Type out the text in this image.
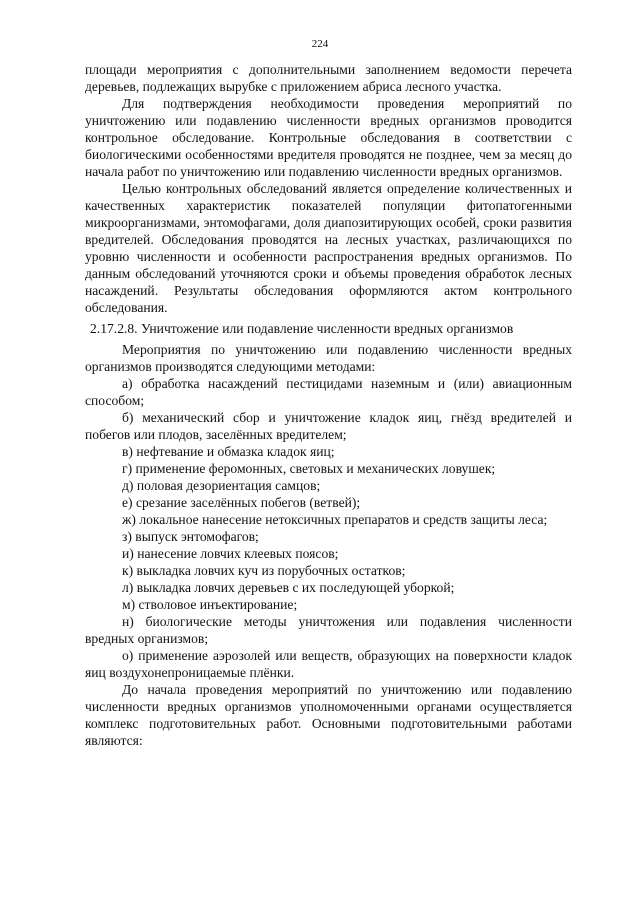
224

площади мероприятия с дополнительными заполнением ведомости перечета деревьев, подлежащих вырубке с приложением абриса лесного участка.

Для подтверждения необходимости проведения мероприятий по уничтожению или подавлению численности вредных организмов проводится контрольное обследование. Контрольные обследования в соответствии с биологическими особенностями вредителя проводятся не позднее, чем за месяц до начала работ по уничтожению или подавлению численности вредных организмов.

Целью контрольных обследований является определение количественных и качественных характеристик показателей популяции фитопатогенными микроорганизмами, энтомофагами, доля диапозитирующих особей, сроки развития вредителей. Обследования проводятся на лесных участках, различающихся по уровню численности и особенности распространения вредных организмов. По данным обследований уточняются сроки и объемы проведения обработок лесных насаждений. Результаты обследования оформляются актом контрольного обследования.

2.17.2.8. Уничтожение или подавление численности вредных организмов

Мероприятия по уничтожению или подавлению численности вредных организмов производятся следующими методами:

а) обработка насаждений пестицидами наземным и (или) авиационным способом;

б) механический сбор и уничтожение кладок яиц, гнёзд вредителей и побегов или плодов, заселённых вредителем;

в) нефтевание и обмазка кладок яиц;

г) применение феромонных, световых и механических ловушек;

д) половая дезориентация самцов;

е) срезание заселённых побегов (ветвей);

ж) локальное нанесение нетоксичных препаратов и средств защиты леса;

з) выпуск энтомофагов;

и) нанесение ловчих клеевых поясов;

к) выкладка ловчих куч из порубочных остатков;

л) выкладка ловчих деревьев с их последующей уборкой;

м) стволовое инъектирование;

н) биологические методы уничтожения или подавления численности вредных организмов;

о) применение аэрозолей или веществ, образующих на поверхности кладок яиц воздухонепроницаемые плёнки.

До начала проведения мероприятий по уничтожению или подавлению численности вредных организмов уполномоченными органами осуществляется комплекс подготовительных работ. Основными подготовительными работами являются:
